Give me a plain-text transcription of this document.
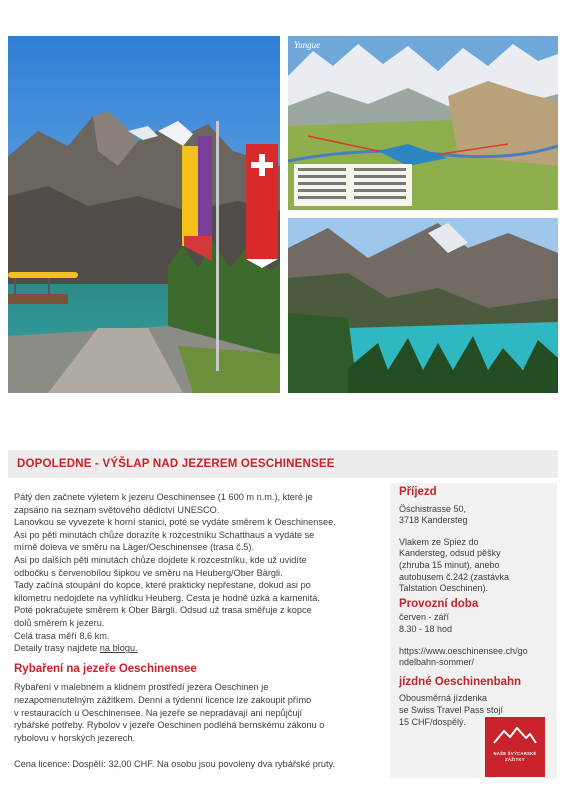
Yungue
DOPOLEDNE - VÝŠLAP NAD JEZEREM OESCHINENSEE

Pátý den začnete výletem k jezeru Oeschinensee (1 600 m n.m.), které je

zapsáno na seznam světového dědictví UNESCO.

Lanovkou se vyvezete k horní stanici, poté se vydáte směrem k Oeschinensee.

Asi po pěti minutách chůze dorazíte k rozcestníku Schatthaus a vydáte se

mírně doleva ve směru na Läger/Oeschinensee (trasa č.5).

Asi po dalších pěti minutách chůze dojdete k rozcestníku, kde už uvidíte

odbočku s červenobílou šipkou ve směru na Heuberg/Ober Bärgli.

Tady začíná stoupání do kopce, které prakticky nepřestane, dokud asi po

kilometru nedojdete na vyhlídku Heuberg. Cesta je hodně úzká a kamenitá.

Poté pokračujete směrem k Ober Bärgli. Odsud už trasa směřuje z kopce

dolů směrem k jezeru.

Celá trasa měří 8,6 km.

Detaily trasy najdete na blogu.

Rybaření na jezeře Oeschinensee

Rybaření v malebném a klidném prostředí jezera Oeschinen je

nezapomenutelným zážitkem. Denní a týdenní licence lze zakoupit přímo

v restauracích u Oeschinensee. Na jezeře se nepradávají ani nepůjčují

rybářské potřeby. Rybolov v jezeře Oeschinen podléhá bernskému zákonu o

rybolovu v horských jezerech.

Cena licence: Dospělí: 32,00 CHF. Na osobu jsou povoleny dva rybářské pruty.

Příjezd

Öschistrasse 50,

3718 Kandersteg

Vlakem ze Spiez do

Kandersteg, odsud pěšky

(zhruba 15 minut), anebo

autobusem č.242 (zastávka

Talstation Oeschinen).

Provozní doba

červen - září

8.30 - 18 hod

https://www.oeschinensee.ch/go

ndelbahn-sommer/

jízdné Oeschinenbahn

Obousměrná jízdenka

se Swiss Travel Pass stojí

15 CHF/dospělý.

NAŠE ŠVÝCARSKÉ
ZÁŽITKY
